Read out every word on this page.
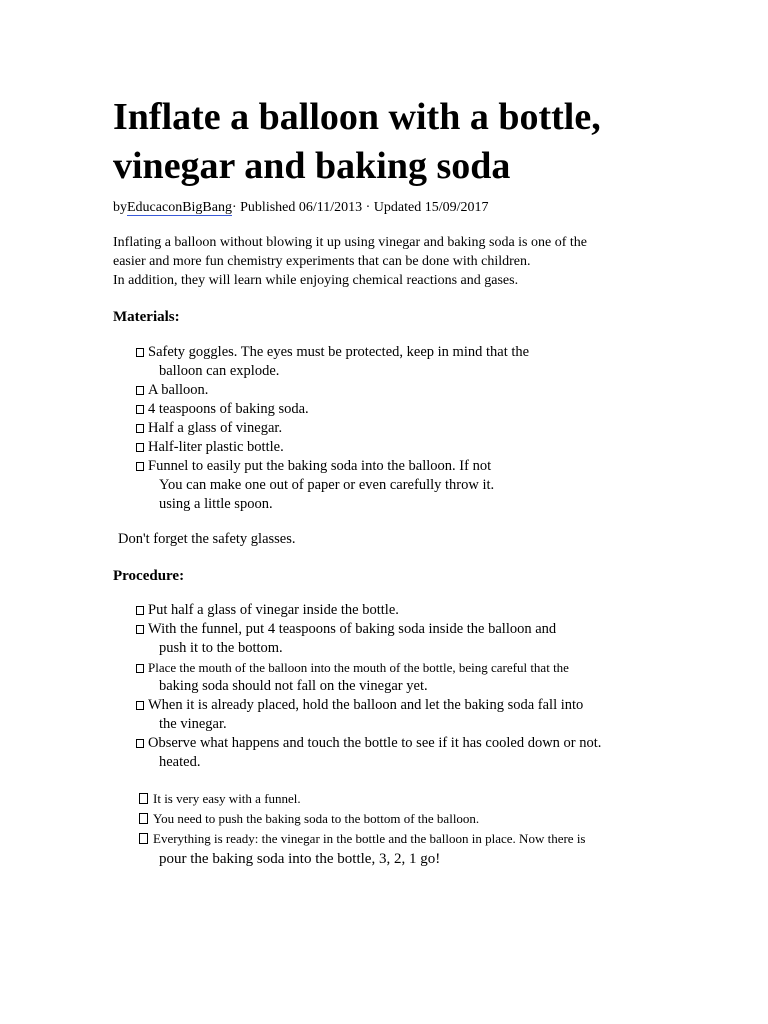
Inflate a balloon with a bottle, vinegar and baking soda
byEducaconBigBang· Published 06/11/2013 · Updated 15/09/2017
Inflating a balloon without blowing it up using vinegar and baking soda is one of the
easier and more fun chemistry experiments that can be done with children.
In addition, they will learn while enjoying chemical reactions and gases.
Materials:
Safety goggles. The eyes must be protected, keep in mind that the
balloon can explode.
A balloon.
4 teaspoons of baking soda.
Half a glass of vinegar.
Half-liter plastic bottle.
Funnel to easily put the baking soda into the balloon. If not
You can make one out of paper or even carefully throw it.
using a little spoon.
Don't forget the safety glasses.
Procedure:
Put half a glass of vinegar inside the bottle.
With the funnel, put 4 teaspoons of baking soda inside the balloon and
push it to the bottom.
Place the mouth of the balloon into the mouth of the bottle, being careful that the
baking soda should not fall on the vinegar yet.
When it is already placed, hold the balloon and let the baking soda fall into
the vinegar.
Observe what happens and touch the bottle to see if it has cooled down or not.
heated.
It is very easy with a funnel.
You need to push the baking soda to the bottom of the balloon.
Everything is ready: the vinegar in the bottle and the balloon in place. Now there is
pour the baking soda into the bottle, 3, 2, 1 go!
